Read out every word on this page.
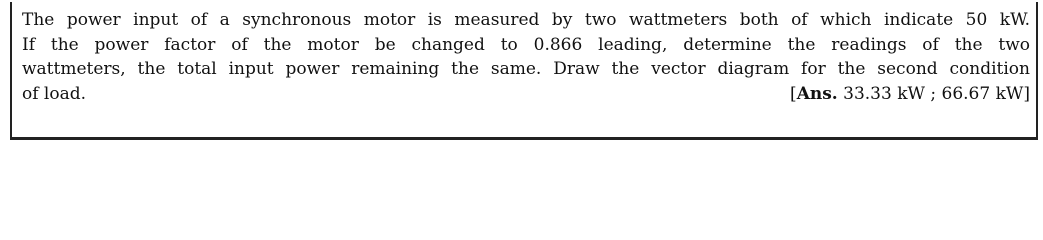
The power input of a synchronous motor is measured by two wattmeters both of which indicate 50 kW.
If the power factor of the motor be changed to 0.866 leading, determine the readings of the two
wattmeters, the total input power remaining the same. Draw the vector diagram for the second condition
of load.	[Ans. 33.33 kW ; 66.67 kW]
